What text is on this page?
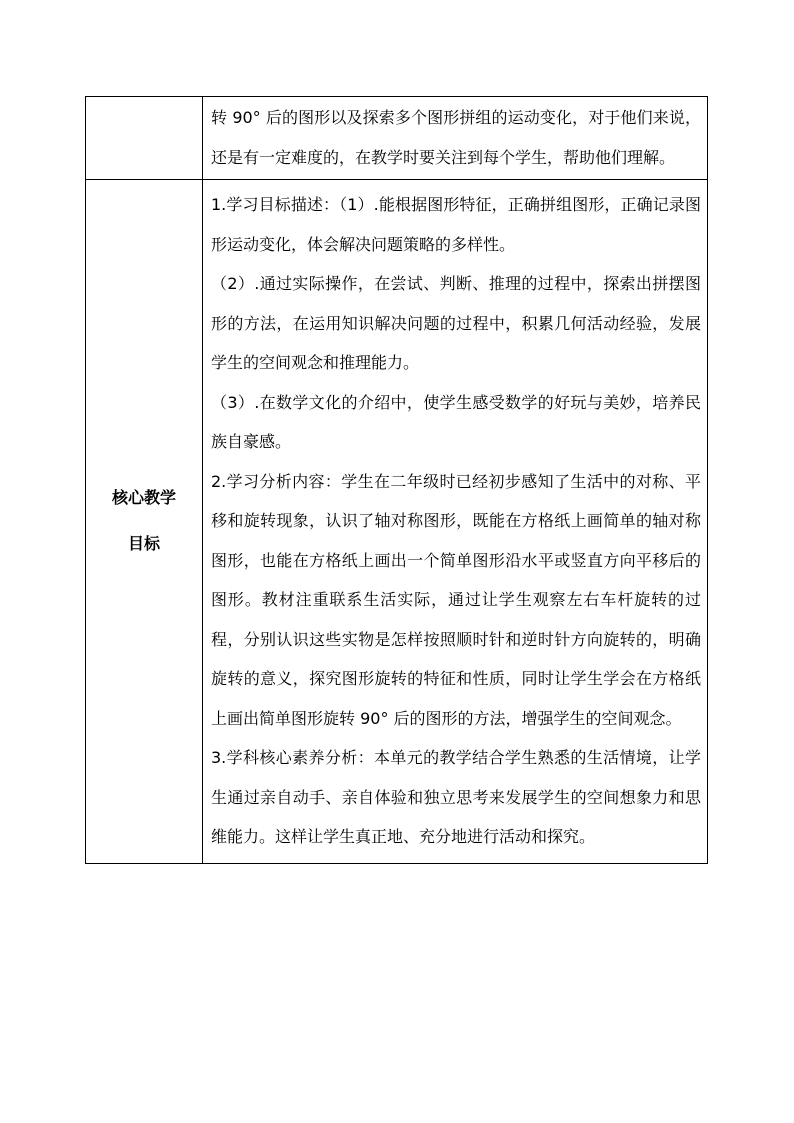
	转 90° 后的图形以及探索多个图形拼组的运动变化，对于他们来说，还是有一定难度的，在教学时要关注到每个学生，帮助他们理解。

核心教学目标	1.学习目标描述：（1）.能根据图形特征，正确拼组图形，正确记录图形运动变化，体会解决问题策略的多样性。

（2）.通过实际操作，在尝试、判断、推理的过程中，探索出拼摆图形的方法，在运用知识解决问题的过程中，积累几何活动经验，发展学生的空间观念和推理能力。

（3）.在数学文化的介绍中，使学生感受数学的好玩与美妙，培养民族自豪感。

2.学习分析内容：学生在二年级时已经初步感知了生活中的对称、平移和旋转现象，认识了轴对称图形，既能在方格纸上画简单的轴对称图形，也能在方格纸上画出一个简单图形沿水平或竖直方向平移后的图形。教材注重联系生活实际，通过让学生观察左右车杆旋转的过程，分别认识这些实物是怎样按照顺时针和逆时针方向旋转的，明确旋转的意义，探究图形旋转的特征和性质，同时让学生学会在方格纸上画出简单图形旋转 90° 后的图形的方法，增强学生的空间观念。

3.学科核心素养分析：本单元的教学结合学生熟悉的生活情境，让学生通过亲自动手、亲自体验和独立思考来发展学生的空间想象力和思维能力。这样让学生真正地、充分地进行活动和探究。
